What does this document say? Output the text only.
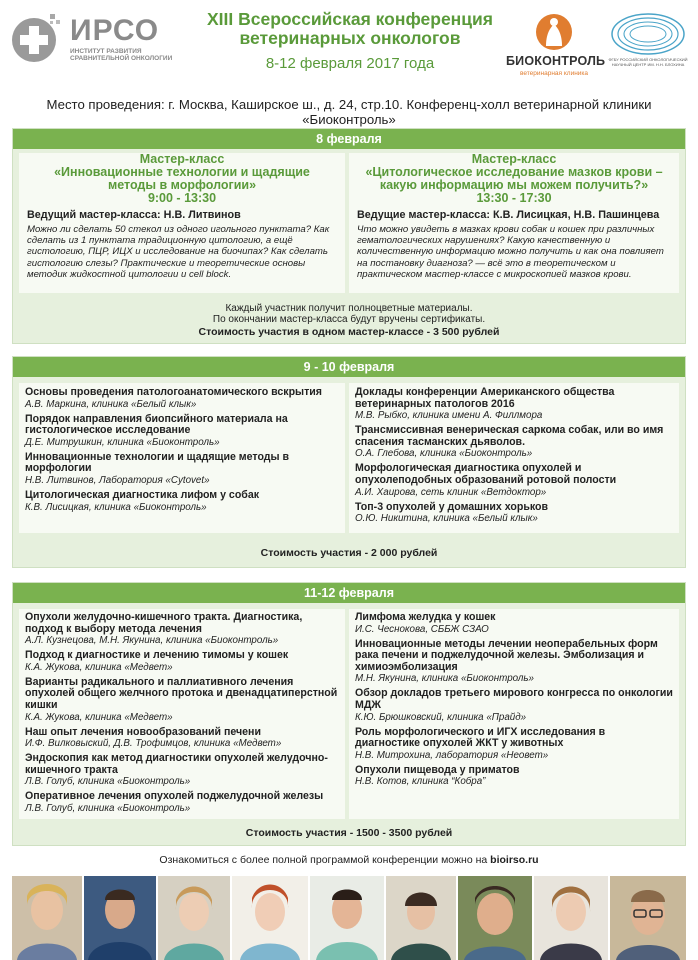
ИРСО
ИНСТИТУТ РАЗВИТИЯ СРАВНИТЕЛЬНОЙ ОНКОЛОГИИ
XIII Всероссийская конференция
ветеринарных онкологов
8-12 февраля 2017 года	БИОКОНТРОЛЬ
ветеринарная клиника
ФГБУ РОССИЙСКИЙ ОНКОЛОГИЧЕСКИЙ НАУЧНЫЙ ЦЕНТР ИМ. Н.Н. БЛОХИНА
Место проведения: г. Москва, Каширское ш., д. 24, стр.10. Конференц-холл ветеринарной клиники «Биоконтроль»
8 февраля
Мастер-класс
«Инновационные технологии и щадящие
методы в морфологии»
9:00 - 13:30
Ведущий мастер-класса: Н.В. Литвинов
Можно ли сделать 50 стекол из одного игольного пунктата? Как сделать из 1 пунктата традиционную цитологию, а ещё гистологию, ПЦР, ИЦХ и исследование на биочипах? Как сделать гистологию слезы? Практические и теоретические основы методик жидкостной цитологии и cell block.
Мастер-класс
«Цитологическое исследование мазков крови –
какую информацию мы можем получить?»
13:30 - 17:30
Ведущие мастер-класса: К.В. Лисицкая, Н.В. Пашинцева
Что можно увидеть в мазках крови собак и кошек при различных гематологических нарушениях? Какую качественную и количественную информацию можно получить и как она повлияет на постановку диагноза? — всё это в теоретическом и практическом мастер-классе с микроскопией мазков крови.
Каждый участник получит полноцветные материалы.
По окончании мастер-класса будут вручены сертификаты.
Стоимость участия в одном мастер-классе - 3 500 рублей
9 - 10 февраля
Основы проведения патологоанатомического вскрытия
А.В. Маркина, клиника «Белый клык»
Порядок направления биопсийного материала на гистологическое исследование
Д.Е. Митрушкин, клиника «Биоконтроль»
Инновационные технологии и щадящие методы в морфологии
Н.В. Литвинов, Лаборатория «Cytovet»
Цитологическая диагностика лифом у собак
К.В. Лисицкая, клиника «Биоконтроль»
Доклады конференции Американского общества ветеринарных патологов 2016
М.В. Рыбко, клиника имени А. Филлмора
Трансмиссивная венерическая саркома собак, или во имя спасения тасманских дьяволов.
О.А. Глебова, клиника «Биоконтроль»
Морфологическая диагностика опухолей и опухолеподобных образований ротовой полости
А.И. Хаирова, сеть клиник «Ветдоктор»
Топ-3 опухолей у домашних хорьков
О.Ю. Никитина, клиника «Белый клык»
Стоимость участия - 2 000 рублей
11-12 февраля
Опухоли желудочно-кишечного тракта. Диагностика, подход к выбору метода лечения
А.Л. Кузнецова, М.Н. Якунина, клиника «Биоконтроль»
Подход к диагностике и лечению тимомы у кошек
К.А. Жукова, клиника «Медвет»
Варианты радикального и паллиативного лечения опухолей общего желчного протока и двенадцатиперстной кишки
К.А. Жукова, клиника «Медвет»
Наш опыт лечения новообразований печени
И.Ф. Вилковыский, Д.В. Трофимцов, клиника «Медвет»
Эндоскопия как метод диагностики опухолей желудочно-кишечного тракта
Л.В. Голуб, клиника «Биоконтроль»
Оперативное лечения опухолей поджелудочной железы
Л.В. Голуб, клиника «Биоконтроль»
Лимфома желудка у кошек
И.С. Чеснокова, СББЖ СЗАО
Инновационные методы лечении неоперабельных форм рака печени и поджелудочной железы. Эмболизация и химиоэмболизация
М.Н. Якунина, клиника «Биоконтроль»
Обзор докладов третьего мирового конгресса по онкологии МДЖ
К.Ю. Брюшковский, клиника «Прайд»
Роль морфологического и ИГХ исследования в диагностике опухолей ЖКТ у животных
Н.В. Митрохина, лаборатория «Неовет»
Опухоли пищевода у приматов
Н.В. Котов, клиника “Кобра”
Стоимость участия - 1500 - 3500 рублей
Ознакомиться с более полной программой конференции можно на bioirso.ru
